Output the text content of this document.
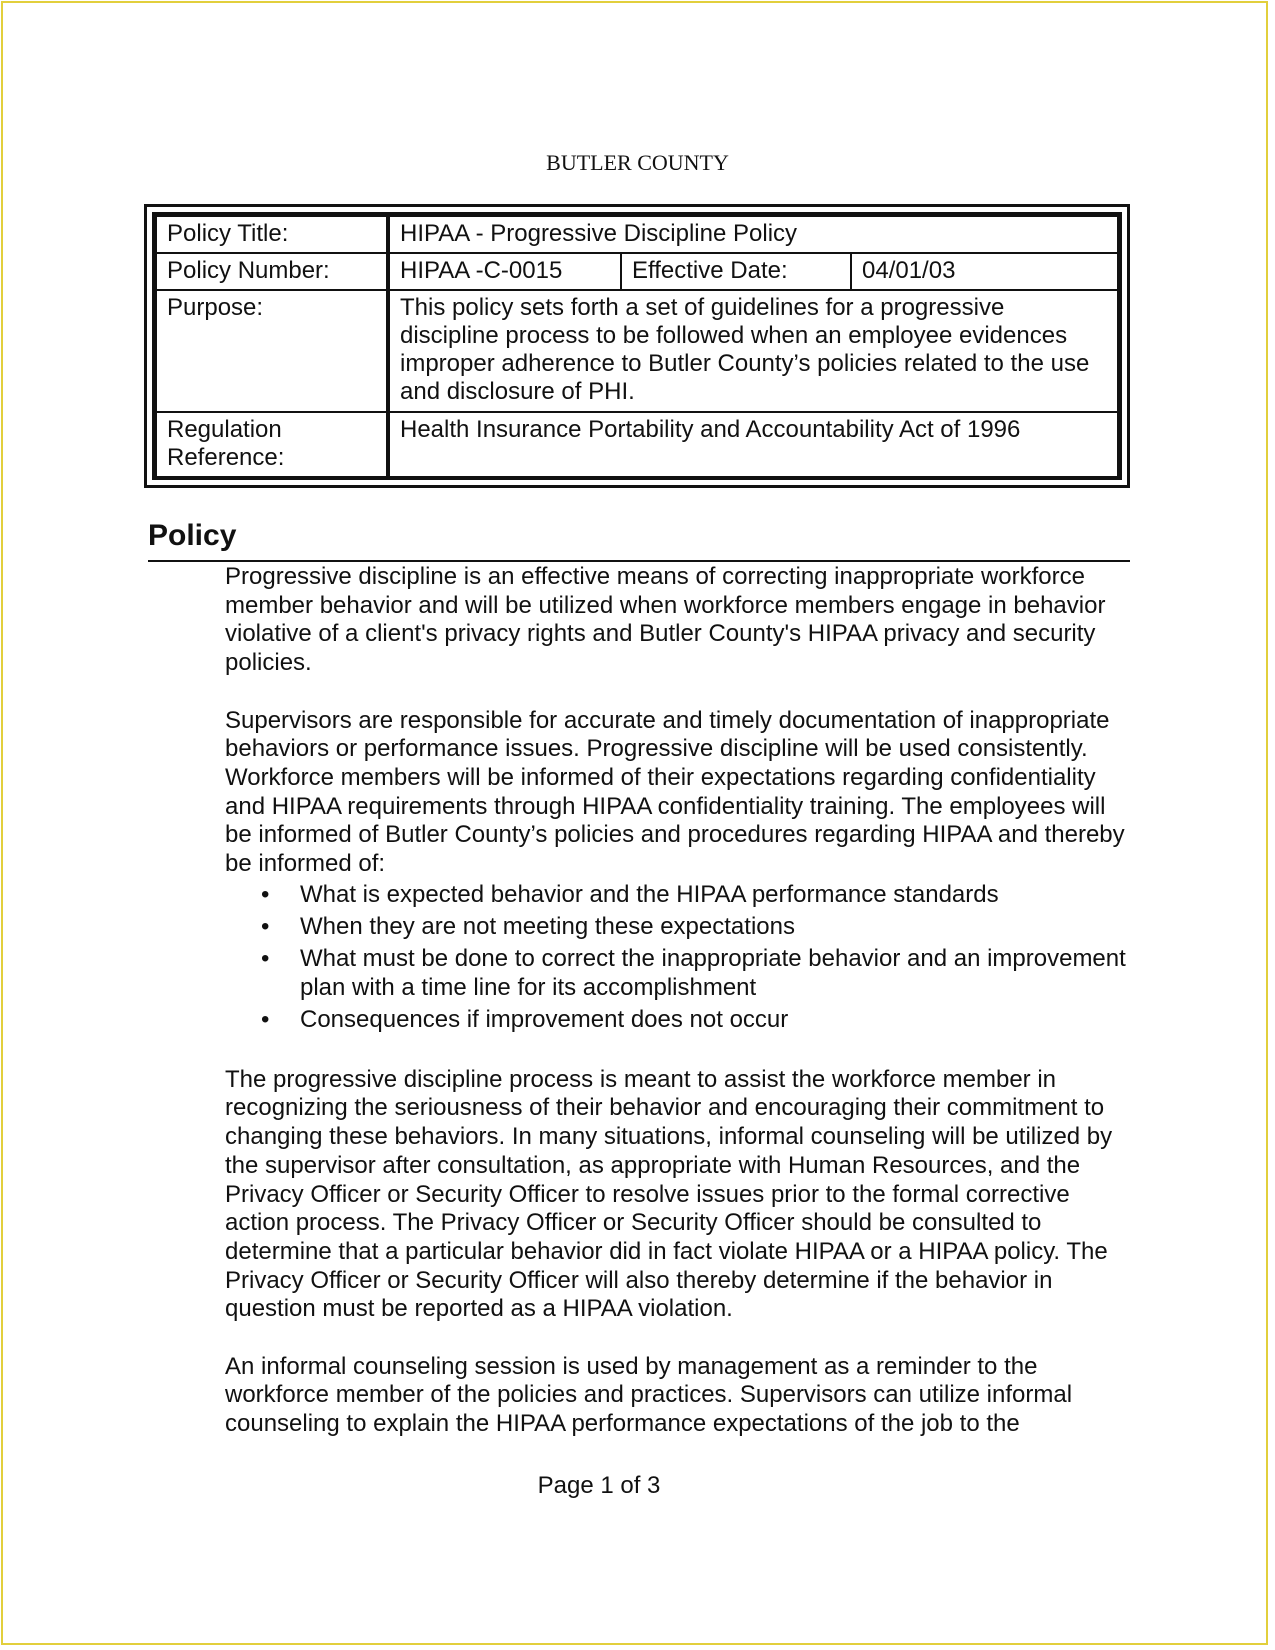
BUTLER COUNTY
Policy Title:	HIPAA - Progressive Discipline Policy		
Policy Number:	HIPAA -C-0015	Effective Date:	04/01/03
Purpose:	This policy sets forth a set of guidelines for a progressive discipline process to be followed when an employee evidences improper adherence to Butler County’s policies related to the use and disclosure of PHI.		
Regulation Reference:	Health Insurance Portability and Accountability Act of 1996		
Policy

Progressive discipline is an effective means of correcting inappropriate workforce member behavior and will be utilized when workforce members engage in behavior violative of a client's privacy rights and Butler County's HIPAA privacy and security policies.

Supervisors are responsible for accurate and timely documentation of inappropriate behaviors or performance issues. Progressive discipline will be used consistently. Workforce members will be informed of their expectations regarding confidentiality and HIPAA requirements through HIPAA confidentiality training. The employees will be informed of Butler County’s policies and procedures regarding HIPAA and thereby be informed of:

• What is expected behavior and the HIPAA performance standards
• When they are not meeting these expectations
• What must be done to correct the inappropriate behavior and an improvement plan with a time line for its accomplishment
• Consequences if improvement does not occur

The progressive discipline process is meant to assist the workforce member in recognizing the seriousness of their behavior and encouraging their commitment to changing these behaviors. In many situations, informal counseling will be utilized by the supervisor after consultation, as appropriate with Human Resources, and the Privacy Officer or Security Officer to resolve issues prior to the formal corrective action process. The Privacy Officer or Security Officer should be consulted to determine that a particular behavior did in fact violate HIPAA or a HIPAA policy. The Privacy Officer or Security Officer will also thereby determine if the behavior in question must be reported as a HIPAA violation.

An informal counseling session is used by management as a reminder to the workforce member of the policies and practices. Supervisors can utilize informal counseling to explain the HIPAA performance expectations of the job to the

Page 1 of 3
